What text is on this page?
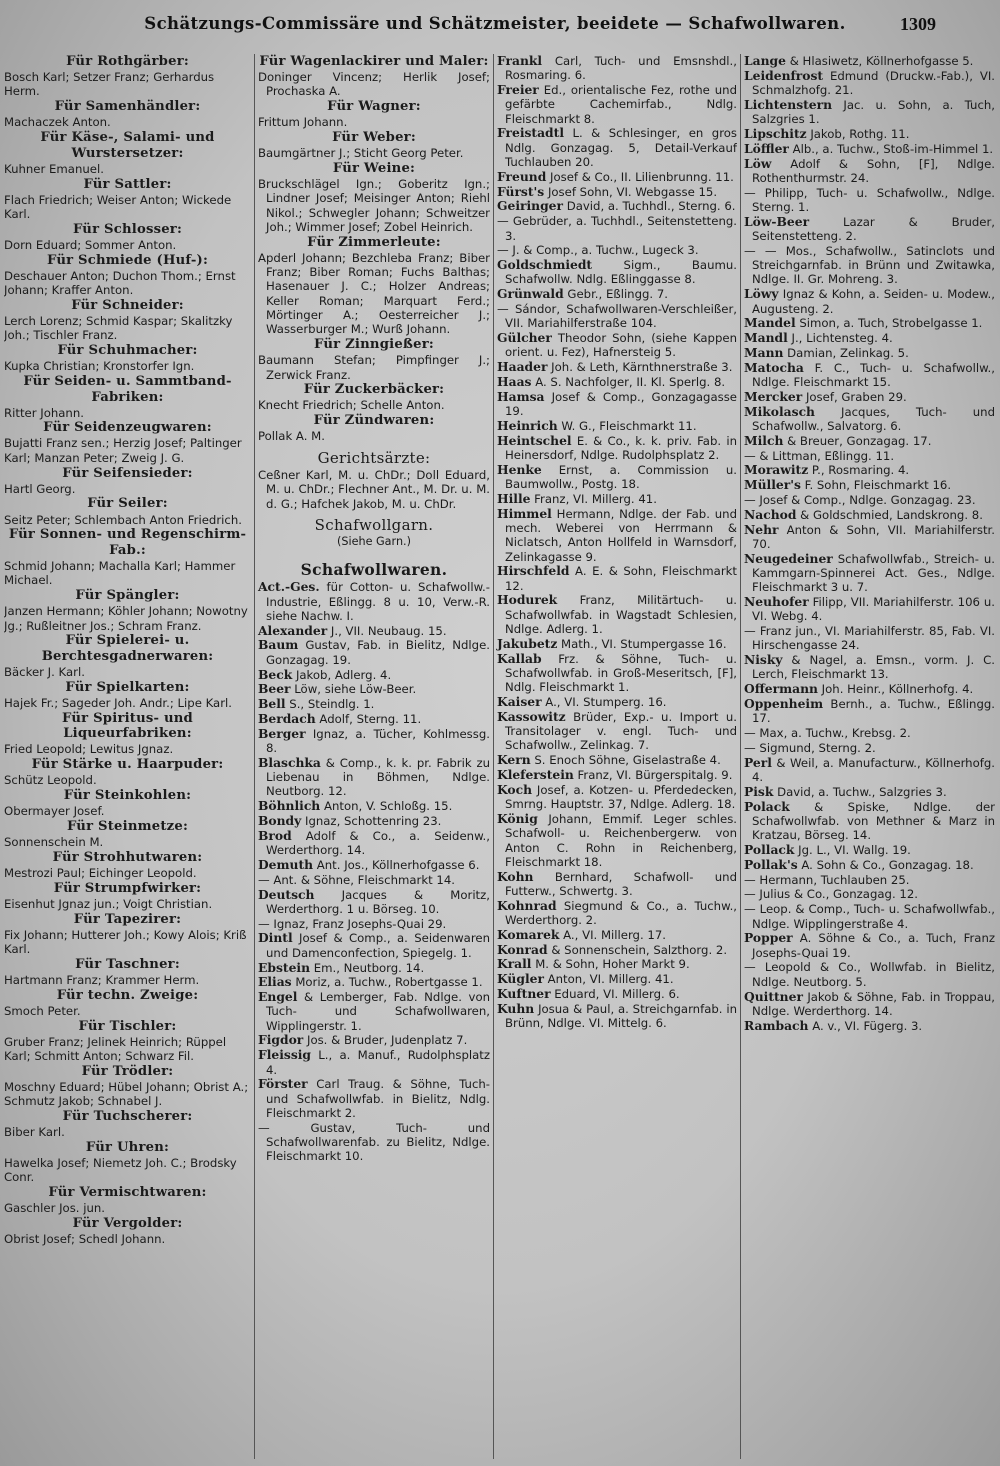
Schätzungs-Commissäre und Schätzmeister, beeidete — Schafwollwaren.	1309

Für Rothgärber:

Bosch Karl; Setzer Franz; Gerhardus Herm.

Für Samenhändler:

Machaczek Anton.

Für Käse-, Salami- und Wurstersetzer:

Kuhner Emanuel.

Für Sattler:

Flach Friedrich; Weiser Anton; Wickede Karl.

Für Schlosser:

Dorn Eduard; Sommer Anton.

Für Schmiede (Huf-):

Deschauer Anton; Duchon Thom.; Ernst Johann; Kraffer Anton.

Für Schneider:

Lerch Lorenz; Schmid Kaspar; Skalitzky Joh.; Tischler Franz.

Für Schuhmacher:

Kupka Christian; Kronstorfer Ign.

Für Seiden- u. Sammtband-Fabriken:

Ritter Johann.

Für Seidenzeugwaren:

Bujatti Franz sen.; Herzig Josef; Paltinger Karl; Manzan Peter; Zweig J. G.

Für Seifensieder:

Hartl Georg.

Für Seiler:

Seitz Peter; Schlembach Anton Friedrich.

Für Sonnen- und Regenschirm-Fab.:

Schmid Johann; Machalla Karl; Hammer Michael.

Für Spängler:

Janzen Hermann; Köhler Johann; Nowotny Jg.; Rußleitner Jos.; Schram Franz.

Für Spielerei- u. Berchtesgadnerwaren:

Bäcker J. Karl.

Für Spielkarten:

Hajek Fr.; Sageder Joh. Andr.; Lipe Karl.

Für Spiritus- und Liqueurfabriken:

Fried Leopold; Lewitus Jgnaz.

Für Stärke u. Haarpuder:

Schütz Leopold.

Für Steinkohlen:

Obermayer Josef.

Für Steinmetze:

Sonnenschein M.

Für Strohhutwaren:

Mestrozi Paul; Eichinger Leopold.

Für Strumpfwirker:

Eisenhut Jgnaz jun.; Voigt Christian.

Für Tapezirer:

Fix Johann; Hutterer Joh.; Kowy Alois; Kriß Karl.

Für Taschner:

Hartmann Franz; Krammer Herm.

Für techn. Zweige:

Smoch Peter.

Für Tischler:

Gruber Franz; Jelinek Heinrich; Rüppel Karl; Schmitt Anton; Schwarz Fil.

Für Trödler:

Moschny Eduard; Hübel Johann; Obrist A.; Schmutz Jakob; Schnabel J.

Für Tuchscherer:

Biber Karl.

Für Uhren:

Hawelka Josef; Niemetz Joh. C.; Brodsky Conr.

Für Vermischtwaren:

Gaschler Jos. jun.

Für Vergolder:

Obrist Josef; Schedl Johann.

Für Wagenlackirer und Maler:

Doninger Vincenz; Herlik Josef; Prochaska A.

Für Wagner:

Frittum Johann.

Für Weber:

Baumgärtner J.; Sticht Georg Peter.

Für Weine:

Bruckschlägel Ign.; Goberitz Ign.; Lindner Josef; Meisinger Anton; Riehl Nikol.; Schwegler Johann; Schweitzer Joh.; Wimmer Josef; Zobel Heinrich.

Für Zimmerleute:

Apderl Johann; Bezchleba Franz; Biber Franz; Biber Roman; Fuchs Balthas; Hasenauer J. C.; Holzer Andreas; Keller Roman; Marquart Ferd.; Mörtinger A.; Oesterreicher J.; Wasserburger M.; Wurß Johann.

Für Zinngießer:

Baumann Stefan; Pimpfinger J.; Zerwick Franz.

Für Zuckerbäcker:

Knecht Friedrich; Schelle Anton.

Für Zündwaren:

Pollak A. M.

Gerichtsärzte:

Ceßner Karl, M. u. ChDr.; Doll Eduard, M. u. ChDr.; Flechner Ant., M. Dr. u. M. d. G.; Hafchek Jakob, M. u. ChDr.

Schafwollgarn.

(Siehe Garn.)

Schafwollwaren.

Act.-Ges. für Cotton- u. Schafwollw.-Industrie, Eßlingg. 8 u. 10, Verw.-R. siehe Nachw. I.

Alexander J., VII. Neubaug. 15.

Baum Gustav, Fab. in Bielitz, Ndlge. Gonzagag. 19.

Beck Jakob, Adlerg. 4.

Beer Löw, siehe Löw-Beer.

Bell S., Steindlg. 1.

Berdach Adolf, Sterng. 11.

Berger Ignaz, a. Tücher, Kohlmessg. 8.

Blaschka & Comp., k. k. pr. Fabrik zu Liebenau in Böhmen, Ndlge. Neutborg. 12.

Böhnlich Anton, V. Schloßg. 15.

Bondy Ignaz, Schottenring 23.

Brod Adolf & Co., a. Seidenw., Werderthorg. 14.

Demuth Ant. Jos., Köllnerhofgasse 6.

— Ant. & Söhne, Fleischmarkt 14.

Deutsch Jacques & Moritz, Werderthorg. 1 u. Börseg. 10.

— Ignaz, Franz Josephs-Quai 29.

Dintl Josef & Comp., a. Seidenwaren und Damenconfection, Spiegelg. 1.

Ebstein Em., Neutborg. 14.

Elias Moriz, a. Tuchw., Robertgasse 1.

Engel & Lemberger, Fab. Ndlge. von Tuch- und Schafwollwaren, Wipplingerstr. 1.

Figdor Jos. & Bruder, Judenplatz 7.

Fleissig L., a. Manuf., Rudolphsplatz 4.

Förster Carl Traug. & Söhne, Tuch- und Schafwollwfab. in Bielitz, Ndlg. Fleischmarkt 2.

— Gustav, Tuch- und Schafwollwarenfab. zu Bielitz, Ndlge. Fleischmarkt 10.

Frankl Carl, Tuch- und Emsnshdl., Rosmaring. 6.

Freier Ed., orientalische Fez, rothe und gefärbte Cachemirfab., Ndlg. Fleischmarkt 8.

Freistadtl L. & Schlesinger, en gros Ndlg. Gonzagag. 5, Detail-Verkauf Tuchlauben 20.

Freund Josef & Co., II. Lilienbrunng. 11.

Fürst's Josef Sohn, VI. Webgasse 15.

Geiringer David, a. Tuchhdl., Sterng. 6.

— Gebrüder, a. Tuchhdl., Seitenstetteng. 3.

— J. & Comp., a. Tuchw., Lugeck 3.

Goldschmiedt Sigm., Baumu. Schafwollw. Ndlg. Eßlinggasse 8.

Grünwald Gebr., Eßlingg. 7.

— Sándor, Schafwollwaren-Verschleißer, VII. Mariahilferstraße 104.

Gülcher Theodor Sohn, (siehe Kappen orient. u. Fez), Hafnersteig 5.

Haader Joh. & Leth, Kärnthnerstraße 3.

Haas A. S. Nachfolger, II. Kl. Sperlg. 8.

Hamsa Josef & Comp., Gonzagagasse 19.

Heinrich W. G., Fleischmarkt 11.

Heintschel E. & Co., k. k. priv. Fab. in Heinersdorf, Ndlge. Rudolphsplatz 2.

Henke Ernst, a. Commission u. Baumwollw., Postg. 18.

Hille Franz, VI. Millerg. 41.

Himmel Hermann, Ndlge. der Fab. und mech. Weberei von Herrmann & Niclatsch, Anton Hollfeld in Warnsdorf, Zelinkagasse 9.

Hirschfeld A. E. & Sohn, Fleischmarkt 12.

Hodurek Franz, Militärtuch- u. Schafwollwfab. in Wagstadt Schlesien, Ndlge. Adlerg. 1.

Jakubetz Math., VI. Stumpergasse 16.

Kallab Frz. & Söhne, Tuch- u. Schafwollwfab. in Groß-Meseritsch, [F], Ndlg. Fleischmarkt 1.

Kaiser A., VI. Stumperg. 16.

Kassowitz Brüder, Exp.- u. Import u. Transitolager v. engl. Tuch- und Schafwollw., Zelinkag. 7.

Kern S. Enoch Söhne, Giselastraße 4.

Kleferstein Franz, VI. Bürgerspitalg. 9.

Koch Josef, a. Kotzen- u. Pferdedecken, Smrng. Hauptstr. 37, Ndlge. Adlerg. 18.

König Johann, Emmif. Leger schles. Schafwoll- u. Reichenbergerw. von Anton C. Rohn in Reichenberg, Fleischmarkt 18.

Kohn Bernhard, Schafwoll- und Futterw., Schwertg. 3.

Kohnrad Siegmund & Co., a. Tuchw., Werderthorg. 2.

Komarek A., VI. Millerg. 17.

Konrad & Sonnenschein, Salzthorg. 2.

Krall M. & Sohn, Hoher Markt 9.

Kügler Anton, VI. Millerg. 41.

Kuftner Eduard, VI. Millerg. 6.

Kuhn Josua & Paul, a. Streichgarnfab. in Brünn, Ndlge. VI. Mittelg. 6.

Lange & Hlasiwetz, Köllnerhofgasse 5.

Leidenfrost Edmund (Druckw.-Fab.), VI. Schmalzhofg. 21.

Lichtenstern Jac. u. Sohn, a. Tuch, Salzgries 1.

Lipschitz Jakob, Rothg. 11.

Löffler Alb., a. Tuchw., Stoß-im-Himmel 1.

Löw Adolf & Sohn, [F], Ndlge. Rothenthurmstr. 24.

— Philipp, Tuch- u. Schafwollw., Ndlge. Sterng. 1.

Löw-Beer Lazar & Bruder, Seitenstetteng. 2.

— — Mos., Schafwollw., Satinclots und Streichgarnfab. in Brünn und Zwitawka, Ndlge. II. Gr. Mohreng. 3.

Löwy Ignaz & Kohn, a. Seiden- u. Modew., Augusteng. 2.

Mandel Simon, a. Tuch, Strobelgasse 1.

Mandl J., Lichtensteg. 4.

Mann Damian, Zelinkag. 5.

Matocha F. C., Tuch- u. Schafwollw., Ndlge. Fleischmarkt 15.

Mercker Josef, Graben 29.

Mikolasch Jacques, Tuch- und Schafwollw., Salvatorg. 6.

Milch & Breuer, Gonzagag. 17.

— & Littman, Eßlingg. 11.

Morawitz P., Rosmaring. 4.

Müller's F. Sohn, Fleischmarkt 16.

— Josef & Comp., Ndlge. Gonzagag. 23.

Nachod & Goldschmied, Landskrong. 8.

Nehr Anton & Sohn, VII. Mariahilferstr. 70.

Neugedeiner Schafwollwfab., Streich- u. Kammgarn-Spinnerei Act. Ges., Ndlge. Fleischmarkt 3 u. 7.

Neuhofer Filipp, VII. Mariahilferstr. 106 u. VI. Webg. 4.

— Franz jun., VI. Mariahilferstr. 85, Fab. VI. Hirschengasse 24.

Nisky & Nagel, a. Emsn., vorm. J. C. Lerch, Fleischmarkt 13.

Offermann Joh. Heinr., Köllnerhofg. 4.

Oppenheim Bernh., a. Tuchw., Eßlingg. 17.

— Max, a. Tuchw., Krebsg. 2.

— Sigmund, Sterng. 2.

Perl & Weil, a. Manufacturw., Köllnerhofg. 4.

Pisk David, a. Tuchw., Salzgries 3.

Polack & Spiske, Ndlge. der Schafwollwfab. von Methner & Marz in Kratzau, Börseg. 14.

Pollack Jg. L., VI. Wallg. 19.

Pollak's A. Sohn & Co., Gonzagag. 18.

— Hermann, Tuchlauben 25.

— Julius & Co., Gonzagag. 12.

— Leop. & Comp., Tuch- u. Schafwollwfab., Ndlge. Wipplingerstraße 4.

Popper A. Söhne & Co., a. Tuch, Franz Josephs-Quai 19.

— Leopold & Co., Wollwfab. in Bielitz, Ndlge. Neutborg. 5.

Quittner Jakob & Söhne, Fab. in Troppau, Ndlge. Werderthorg. 14.

Rambach A. v., VI. Fügerg. 3.
